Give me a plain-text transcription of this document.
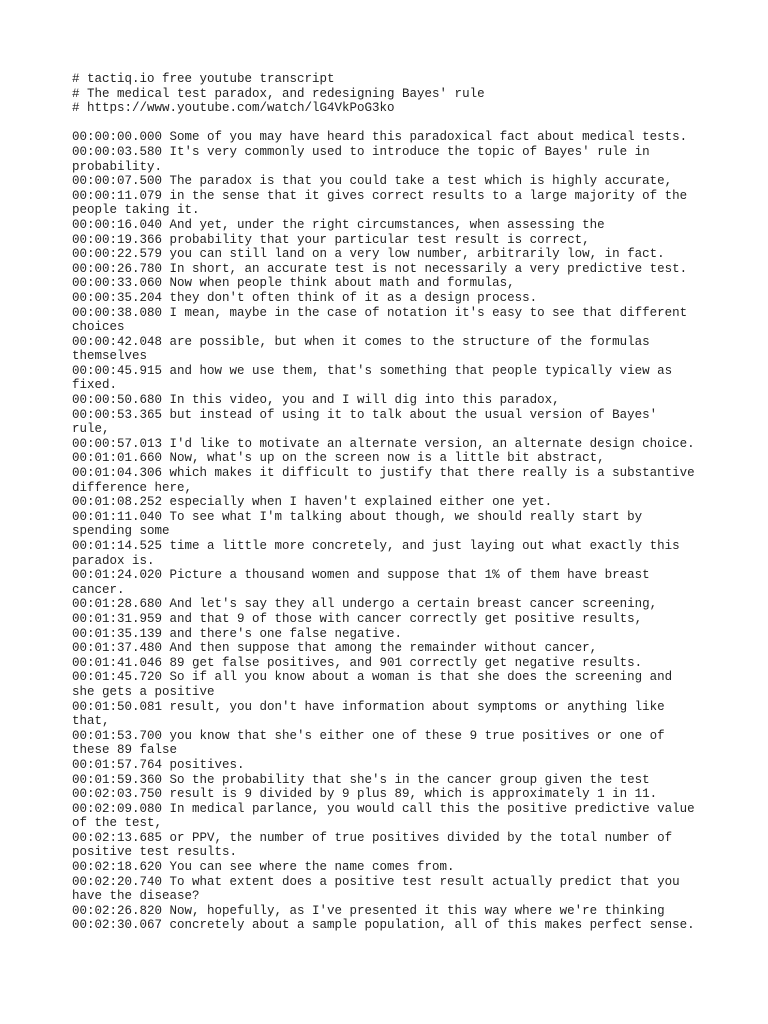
# tactiq.io free youtube transcript
# The medical test paradox, and redesigning Bayes' rule
# https://www.youtube.com/watch/lG4VkPoG3ko
00:00:00.000 Some of you may have heard this paradoxical fact about medical tests.
00:00:03.580 It's very commonly used to introduce the topic of Bayes' rule in
probability.
00:00:07.500 The paradox is that you could take a test which is highly accurate,
00:00:11.079 in the sense that it gives correct results to a large majority of the
people taking it.
00:00:16.040 And yet, under the right circumstances, when assessing the
00:00:19.366 probability that your particular test result is correct,
00:00:22.579 you can still land on a very low number, arbitrarily low, in fact.
00:00:26.780 In short, an accurate test is not necessarily a very predictive test.
00:00:33.060 Now when people think about math and formulas,
00:00:35.204 they don't often think of it as a design process.
00:00:38.080 I mean, maybe in the case of notation it's easy to see that different
choices
00:00:42.048 are possible, but when it comes to the structure of the formulas
themselves
00:00:45.915 and how we use them, that's something that people typically view as
fixed.
00:00:50.680 In this video, you and I will dig into this paradox,
00:00:53.365 but instead of using it to talk about the usual version of Bayes'
rule,
00:00:57.013 I'd like to motivate an alternate version, an alternate design choice.
00:01:01.660 Now, what's up on the screen now is a little bit abstract,
00:01:04.306 which makes it difficult to justify that there really is a substantive
difference here,
00:01:08.252 especially when I haven't explained either one yet.
00:01:11.040 To see what I'm talking about though, we should really start by
spending some
00:01:14.525 time a little more concretely, and just laying out what exactly this
paradox is.
00:01:24.020 Picture a thousand women and suppose that 1% of them have breast
cancer.
00:01:28.680 And let's say they all undergo a certain breast cancer screening,
00:01:31.959 and that 9 of those with cancer correctly get positive results,
00:01:35.139 and there's one false negative.
00:01:37.480 And then suppose that among the remainder without cancer,
00:01:41.046 89 get false positives, and 901 correctly get negative results.
00:01:45.720 So if all you know about a woman is that she does the screening and
she gets a positive
00:01:50.081 result, you don't have information about symptoms or anything like
that,
00:01:53.700 you know that she's either one of these 9 true positives or one of
these 89 false
00:01:57.764 positives.
00:01:59.360 So the probability that she's in the cancer group given the test
00:02:03.750 result is 9 divided by 9 plus 89, which is approximately 1 in 11.
00:02:09.080 In medical parlance, you would call this the positive predictive value
of the test,
00:02:13.685 or PPV, the number of true positives divided by the total number of
positive test results.
00:02:18.620 You can see where the name comes from.
00:02:20.740 To what extent does a positive test result actually predict that you
have the disease?
00:02:26.820 Now, hopefully, as I've presented it this way where we're thinking
00:02:30.067 concretely about a sample population, all of this makes perfect sense.
